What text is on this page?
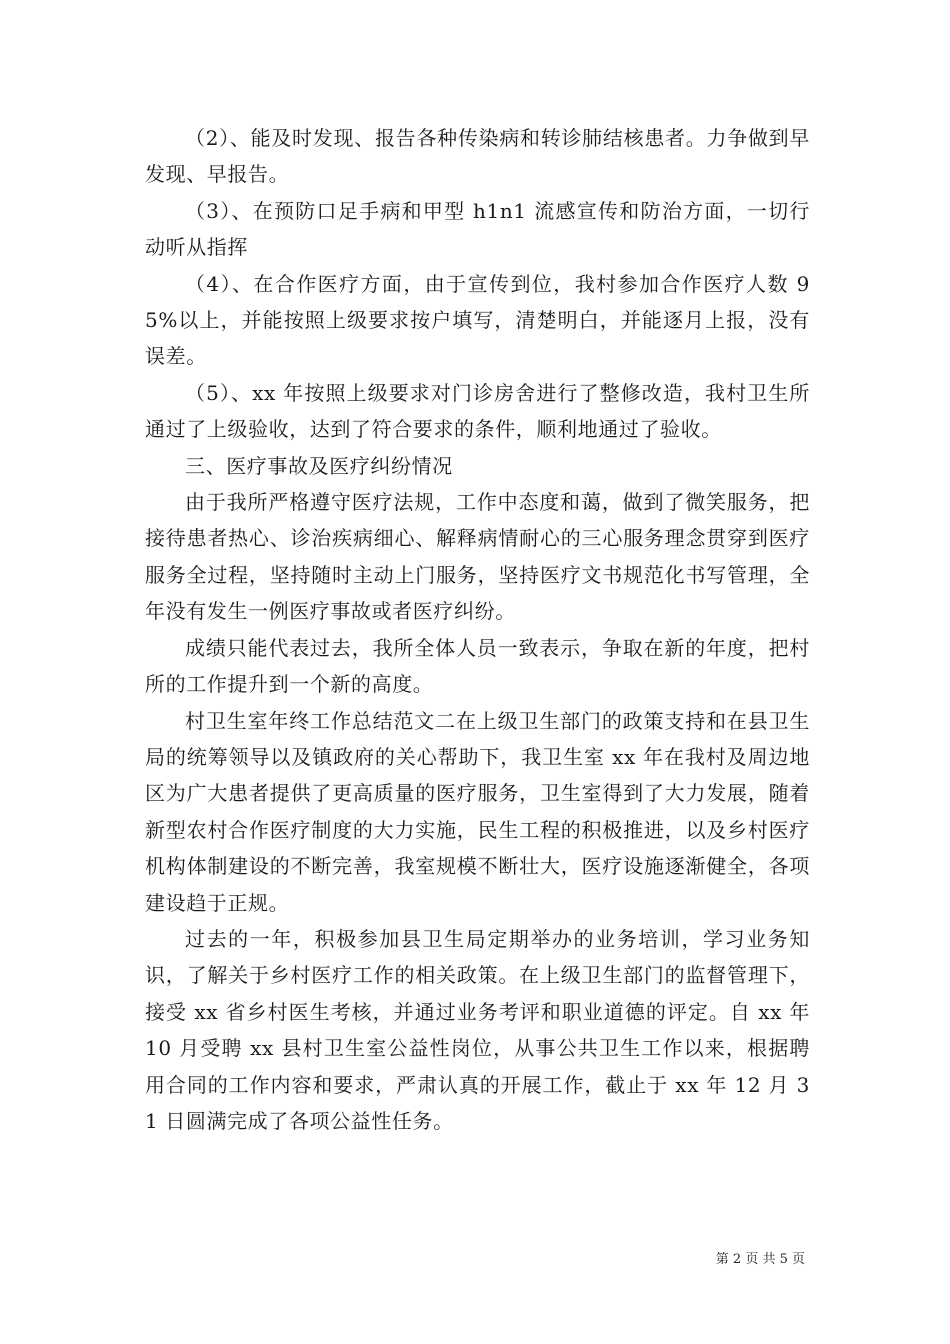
（2）、能及时发现、报告各种传染病和转诊肺结核患者。力争做到早发现、早报告。

（3）、在预防口足手病和甲型 h1n1 流感宣传和防治方面，一切行动听从指挥

（4）、在合作医疗方面，由于宣传到位，我村参加合作医疗人数 95%以上，并能按照上级要求按户填写，清楚明白，并能逐月上报，没有误差。

（5）、xx 年按照上级要求对门诊房舍进行了整修改造，我村卫生所通过了上级验收，达到了符合要求的条件，顺利地通过了验收。

三、医疗事故及医疗纠纷情况

由于我所严格遵守医疗法规，工作中态度和蔼，做到了微笑服务，把接待患者热心、诊治疾病细心、解释病情耐心的三心服务理念贯穿到医疗服务全过程，坚持随时主动上门服务，坚持医疗文书规范化书写管理，全年没有发生一例医疗事故或者医疗纠纷。

成绩只能代表过去，我所全体人员一致表示，争取在新的年度，把村所的工作提升到一个新的高度。

村卫生室年终工作总结范文二在上级卫生部门的政策支持和在县卫生局的统筹领导以及镇政府的关心帮助下，我卫生室 xx 年在我村及周边地区为广大患者提供了更高质量的医疗服务，卫生室得到了大力发展，随着新型农村合作医疗制度的大力实施，民生工程的积极推进，以及乡村医疗机构体制建设的不断完善，我室规模不断壮大，医疗设施逐渐健全，各项建设趋于正规。

过去的一年，积极参加县卫生局定期举办的业务培训，学习业务知识，了解关于乡村医疗工作的相关政策。在上级卫生部门的监督管理下，接受 xx 省乡村医生考核，并通过业务考评和职业道德的评定。自 xx 年 10 月受聘 xx 县村卫生室公益性岗位，从事公共卫生工作以来，根据聘用合同的工作内容和要求，严肃认真的开展工作，截止于 xx 年 12 月 31 日圆满完成了各项公益性任务。

第 2 页 共 5 页
